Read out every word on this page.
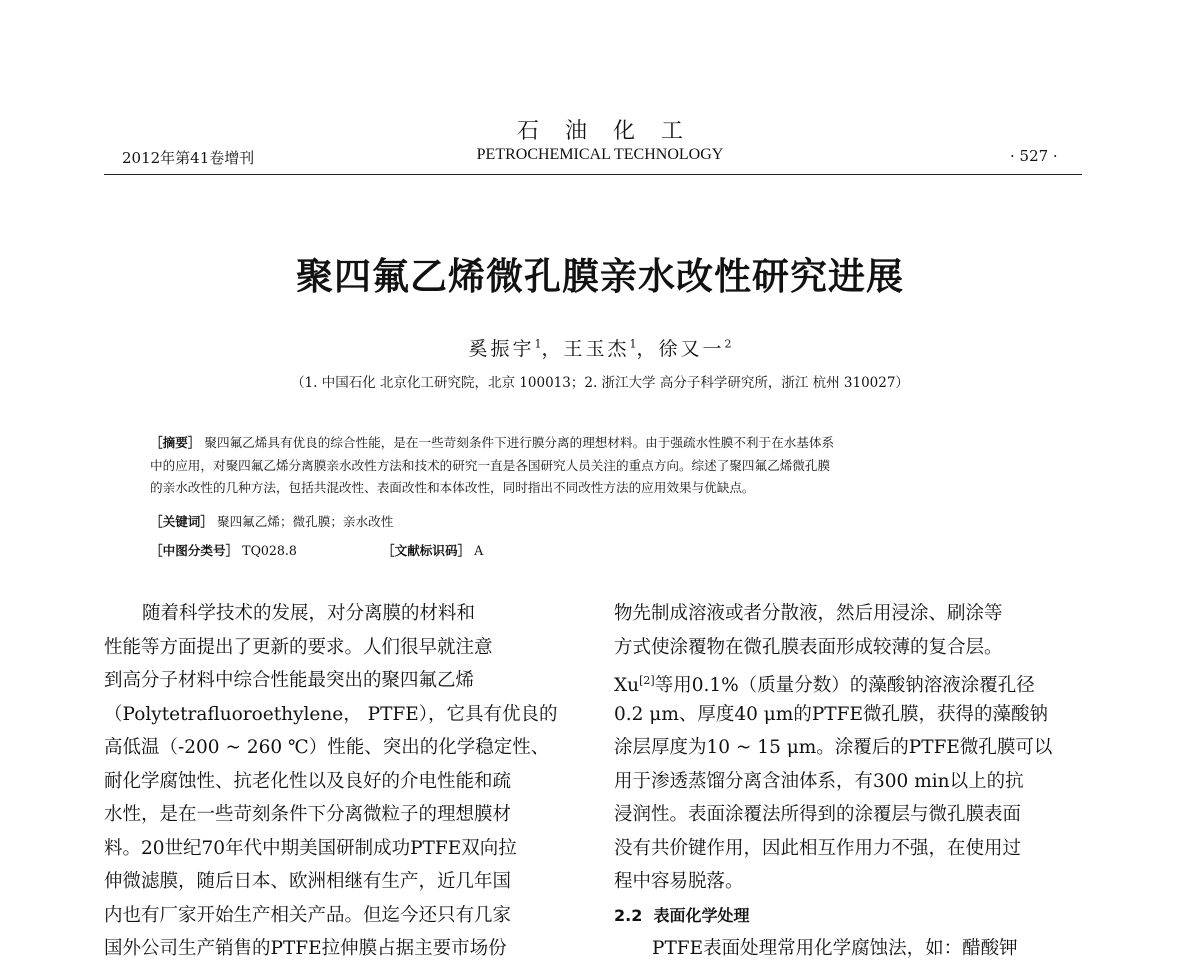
石油化工
2012年第41卷增刊	PETROCHEMICAL TECHNOLOGY	· 527 ·
聚四氟乙烯微孔膜亲水改性研究进展
奚振宇$^1$，王玉杰$^1$，徐又一$^2$
（1. 中国石化 北京化工研究院，北京 100013；2. 浙江大学 高分子科学研究所，浙江 杭州 310027）
［摘要］ 聚四氟乙烯具有优良的综合性能，是在一些苛刻条件下进行膜分离的理想材料。由于强疏水性膜不利于在水基体系
中的应用，对聚四氟乙烯分离膜亲水改性方法和技术的研究一直是各国研究人员关注的重点方向。综述了聚四氟乙烯微孔膜
的亲水改性的几种方法，包括共混改性、表面改性和本体改性，同时指出不同改性方法的应用效果与优缺点。
［关键词］ 聚四氟乙烯；微孔膜；亲水改性
［中图分类号］ TQ028.8	［文献标识码］ A
随着科学技术的发展，对分离膜的材料和
性能等方面提出了更新的要求。人们很早就注意
到高分子材料中综合性能最突出的聚四氟乙烯
（Polytetrafluoroethylene， PTFE），它具有优良的
高低温（-200 ~ 260 ℃）性能、突出的化学稳定性、
耐化学腐蚀性、抗老化性以及良好的介电性能和疏
水性，是在一些苛刻条件下分离微粒子的理想膜材
料。20世纪70年代中期美国研制成功PTFE双向拉
伸微滤膜，随后日本、欧洲相继有生产，近几年国
内也有厂家开始生产相关产品。但迄今还只有几家
国外公司生产销售的PTFE拉伸膜占据主要市场份
物先制成溶液或者分散液，然后用浸涂、刷涂等
方式使涂覆物在微孔膜表面形成较薄的复合层。
Xu[2]等用0.1%（质量分数）的藻酸钠溶液涂覆孔径
0.2 μm、厚度40 μm的PTFE微孔膜，获得的藻酸钠
涂层厚度为10 ~ 15 μm。涂覆后的PTFE微孔膜可以
用于渗透蒸馏分离含油体系，有300 min以上的抗
浸润性。表面涂覆法所得到的涂覆层与微孔膜表面
没有共价键作用，因此相互作用力不强，在使用过
程中容易脱落。
2.2 表面化学处理
PTFE表面处理常用化学腐蚀法，如：醋酸钾
